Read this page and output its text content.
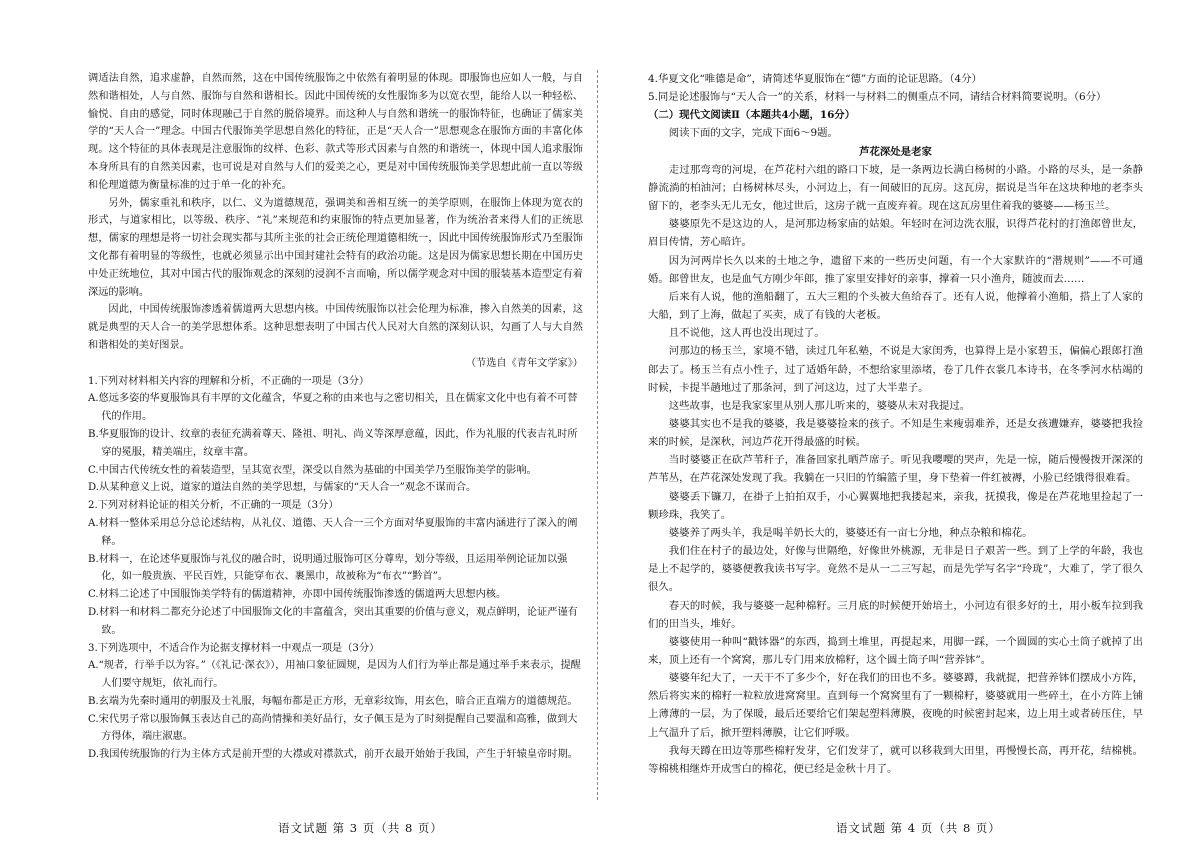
调适法自然，追求虚静，自然而然，这在中国传统服饰之中依然有着明显的体现。即服饰也应如人一般，与自然和谐相处，人与自然、服饰与自然和谐相长。因此中国传统的女性服饰多为以宽衣型，能给人以一种轻松、愉悦、自由的感觉，同时体现融己于自然的脱俗境界。而这种人与自然和谐统一的服饰特征，也确证了儒家美学的“天人合一”理念。中国古代服饰美学思想自然化的特征，正是“天人合一”思想观念在服饰方面的丰富化体现。这个特征的具体表现是注意服饰的纹样、色彩、款式等形式因素与自然的和谐统一，体现中国人追求服饰本身所具有的自然美因素，也可说是对自然与人们的爱美之心，更是对中国传统服饰美学思想此前一直以等级和伦理道德为衡量标准的过于单一化的补充。

另外，儒家重礼和秩序，以仁、义为道德规范，强调美和善相互统一的美学原则，在服饰上体现为宽衣的形式，与道家相比，以等级、秩序、“礼”来规范和约束服饰的特点更加显著，作为统治者来得人们的正统思想，儒家的理想是将一切社会现实都与其所主张的社会正统伦理道德相统一，因此中国传统服饰形式乃至服饰文化都有着明显的等级性，也就必须显示出中国封建社会特有的政治功能。这是因为儒家思想长期在中国历史中处正统地位，其对中国古代的服饰观念的深刻的浸润不言而喻，所以儒学观念对中国的服装基本造型定有着深远的影响。

因此，中国传统服饰渗透着儒道两大思想内核。中国传统服饰以社会伦理为标准，掺入自然美的因素，这就是典型的天人合一的美学思想体系。这种思想表明了中国古代人民对大自然的深刻认识，勾画了人与大自然和谐相处的美好图景。

（节选自《青年文学家》）

1.下列对材料相关内容的理解和分析，不正确的一项是（3分）

A.悠远多姿的华夏服饰具有丰厚的文化蕴含，华夏之称的由来也与之密切相关，且在儒家文化中也有着不可替代的作用。

B.华夏服饰的设计、纹章的表征充满着尊天、隆祖、明礼、尚义等深厚意蕴，因此，作为礼服的代表吉礼时所穿的冕服，精美端庄，纹章丰富。

C.中国古代传统女性的着装造型，呈其宽衣型，深受以自然为基础的中国美学乃至服饰美学的影响。

D.从某种意义上说，道家的道法自然的美学思想，与儒家的“天人合一”观念不谋而合。

2.下列对材料论证的相关分析，不正确的一项是（3分）

A.材料一整体采用总分总论述结构，从礼仪、道德、天人合一三个方面对华夏服饰的丰富内涵进行了深入的阐释。

B.材料一，在论述华夏服饰与礼仪的融合时，说明通过服饰可区分尊卑，划分等级，且运用举例论证加以强化，如一般贵族、平民百姓，只能穿布衣、裹黑巾，故被称为“布衣”“黔首”。

C.材料二论述了中国服饰美学特有的儒道精神，亦即中国传统服饰渗透的儒道两大思想内核。

D.材料一和材料二都充分论述了中国服饰文化的丰富蕴含，突出其重要的价值与意义，观点鲜明，论证严谨有致。

3.下列选项中，不适合作为论据支撑材料一中观点一项是（3分）

A.“规者，行举手以为容。”（《礼记·深衣》），用袖口象征圆规，是因为人们行为举止都是通过举手来表示，提醒人们要守规矩，依礼而行。

B.玄端为先秦时通用的朝服及士礼服，每幅布都是正方形，无章彩纹饰，用玄色，暗合正直端方的道德规范。

C.宋代男子常以服饰佩玉表达自己的高尚情操和美好品行，女子佩玉是为了时刻提醒自己要温和高雅，做到大方得体，端庄淑惠。

D.我国传统服饰的行为主体方式是前开型的大襟或对襟款式，前开衣最开始始于我国，产生于轩辕皇帝时期。

4.华夏文化“唯德是命”，请简述华夏服饰在“德”方面的论证思路。（4分）

5.同是论述服饰与“天人合一”的关系，材料一与材料二的侧重点不同，请结合材料简要说明。（6分）

（二）现代文阅读Ⅱ（本题共4小题，16分）

阅读下面的文字，完成下面6～9题。

芦花深处是老家

走过那弯弯的河堤，在芦花村六组的路口下坡，是一条两边长满白杨树的小路。小路的尽头，是一条静静流淌的柏油河；白杨树林尽头，小河边上，有一间破旧的瓦房。这瓦房，据说是当年在这块种地的老李头留下的，老李头无儿无女，他过世后，这房子就一直废弃着。现在这瓦房里住着我的婆婆——杨玉兰。

婆婆原先不是这边的人，是河那边杨家庙的姑娘。年轻时在河边洗衣服，识得芦花村的打渔郎曾世友，眉目传情，芳心暗许。

因为河两岸长久以来的土地之争，遗留下来的一些历史问题，有一个大家默许的“潜规则”——不可通婚。郎曾世友，也是血气方刚少年郎，推了家里安排好的亲事，撑着一只小渔舟，随波而去……

后来有人说，他的渔船翻了，五大三粗的个头被大鱼给吞了。还有人说，他撑着小渔船，搭上了人家的大船，到了上海，做起了买卖，成了有钱的大老板。

且不说他，这人再也没出现过了。

河那边的杨玉兰，家境不错，读过几年私塾，不说是大家闺秀，也算得上是小家碧玉，偏偏心跟郎打渔郎去了。杨玉兰有点小性子，过了适婚年龄，不想给家里添堵，卷了几件衣裳几本诗书，在冬季河水枯竭的时候，卡提半趟地过了那条河，到了河这边，过了大半辈子。

这些故事，也是我家家里从别人那儿听来的，婆婆从未对我提过。

婆婆其实也不是我的婆婆，我是婆婆捡来的孩子。不知是生来瘦弱难养，还是女孩遭嫌弃，婆婆把我捡来的时候，是深秋，河边芦花开得最盛的时候。

当时婆婆正在砍芦苇秆子，准备回家扎晒芦席子。听见我嘤嘤的哭声，先是一惊，随后慢慢拨开深深的芦苇丛，在芦花深处发现了我。我躺在一只旧的竹编篮子里，身下垫着一件红被褥，小脸已经饿得很难看。

婆婆丢下镰刀，在褂子上拍拍双手，小心翼翼地把我搂起来，亲我，抚摸我，像是在芦花地里捡起了一颗珍珠，我笑了。

婆婆养了两头羊，我是喝羊奶长大的，婆婆还有一亩七分地，种点杂粮和棉花。

我们住在村子的最边处，好像与世隔绝，好像世外桃源，无非是日子艰苦一些。到了上学的年龄，我也是上不起学的，婆婆便教我读书写字。竟然不是从一二三写起，而是先学写名字“玲珑”，大难了，学了很久很久。

春天的时候，我与婆婆一起种棉籽。三月底的时候便开始培土，小河边有很多好的土，用小板车拉到我们的田当头，堆好。

婆婆使用一种叫“戳钵器”的东西，捣到土堆里，再提起来，用脚一踩，一个圆圆的实心土筒子就掉了出来，顶上还有一个窝窝，那儿专门用来放棉籽，这个圆土筒子叫“营养钵”。

婆婆年纪大了，一天干不了多少个，好在我们的田也不多。婆婆蹲，我就捉，把营养钵们摆成小方阵，然后将实来的棉籽一粒粒放进窝窝里。直到每一个窝窝里有了一颗棉籽，婆婆就用一些碎土，在小方阵上铺上薄薄的一层，为了保暖，最后还要给它们架起塑料薄膜，夜晚的时候密封起来，边上用土或者砖压住，早上气温升了后，掀开塑料薄膜，让它们呼吸。

我每天蹲在田边等那些棉籽发芽，它们发芽了，就可以移栽到大田里，再慢慢长高，再开花，结棉桃。等棉桃相继炸开成雪白的棉花，便已经是金秋十月了。

语文试题 第 3 页（共 8 页）	语文试题 第 4 页（共 8 页）
